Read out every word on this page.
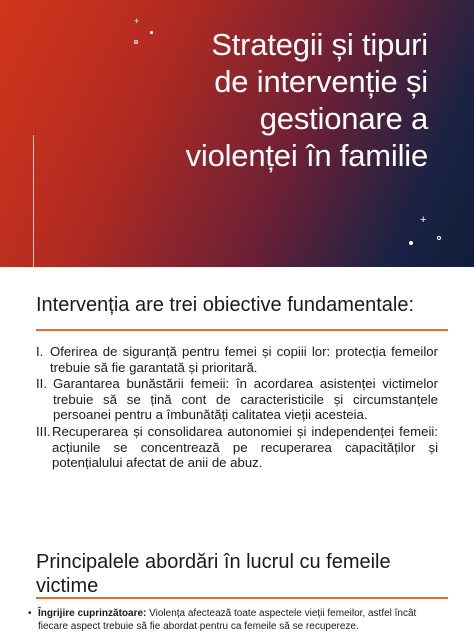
Strategii și tipuri
de intervenție și
gestionare a
violenței în familie
+
+
Intervenția are trei obiective fundamentale:
I. Oferirea de siguranță pentru femei și copiii lor: protecția femeilor trebuie să fie garantată și prioritară.
II. Garantarea bunăstării femeii: în acordarea asistenței victimelor trebuie să se țină cont de caracteristicile și circumstanțele persoanei pentru a îmbunătăți calitatea vieții acesteia.
III. Recuperarea și consolidarea autonomiei și independenței femeii: acțiunile se concentrează pe recuperarea capacităților și potențialului afectat de anii de abuz.
Principalele abordări în lucrul cu femeile
victime
• Îngrijire cuprinzătoare: Violența afectează toate aspectele vieții femeilor, astfel încât fiecare aspect trebuie să fie abordat pentru ca femeile să se recupereze.
